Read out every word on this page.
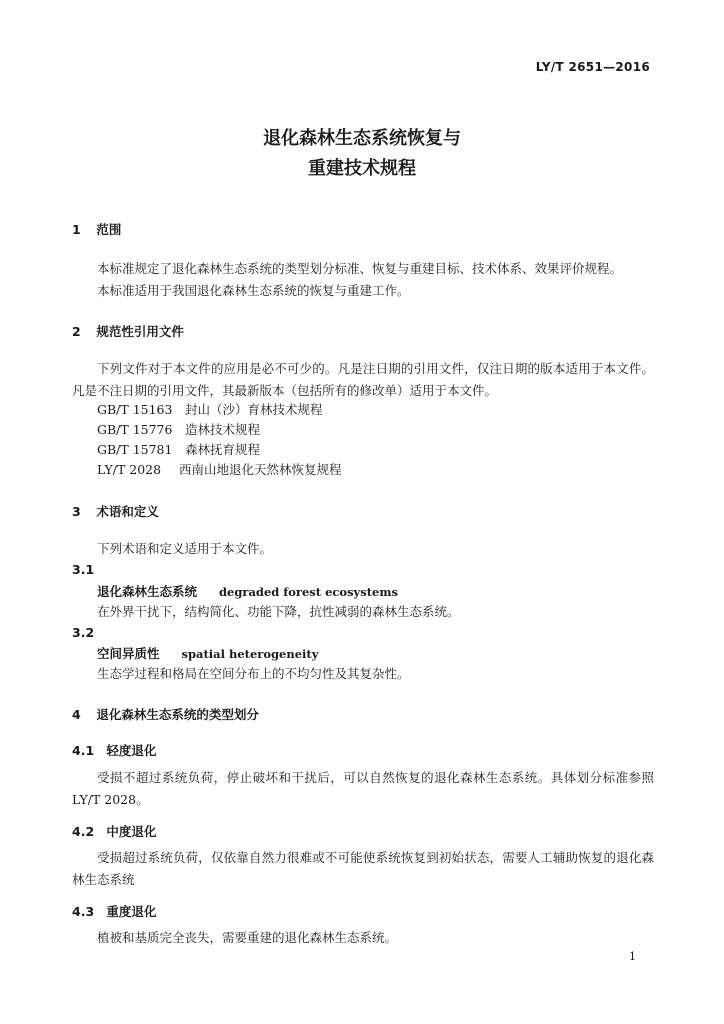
LY/T 2651—2016
退化森林生态系统恢复与
重建技术规程
1 范围
本标准规定了退化森林生态系统的类型划分标准、恢复与重建目标、技术体系、效果评价规程。
本标准适用于我国退化森林生态系统的恢复与重建工作。
2 规范性引用文件
下列文件对于本文件的应用是必不可少的。凡是注日期的引用文件，仅注日期的版本适用于本文件。凡是不注日期的引用文件，其最新版本（包括所有的修改单）适用于本文件。
GB/T 15163 封山（沙）育林技术规程
GB/T 15776 造林技术规程
GB/T 15781 森林抚育规程
LY/T 2028 西南山地退化天然林恢复规程
3 术语和定义
下列术语和定义适用于本文件。
3.1
退化森林生态系统 degraded forest ecosystems
在外界干扰下，结构简化、功能下降，抗性减弱的森林生态系统。
3.2
空间异质性 spatial heterogeneity
生态学过程和格局在空间分布上的不均匀性及其复杂性。
4 退化森林生态系统的类型划分
4.1 轻度退化
受损不超过系统负荷，停止破坏和干扰后，可以自然恢复的退化森林生态系统。具体划分标准参照LY/T 2028。
4.2 中度退化
受损超过系统负荷，仅依靠自然力很难或不可能使系统恢复到初始状态，需要人工辅助恢复的退化森林生态系统
4.3 重度退化
植被和基质完全丧失，需要重建的退化森林生态系统。
1
